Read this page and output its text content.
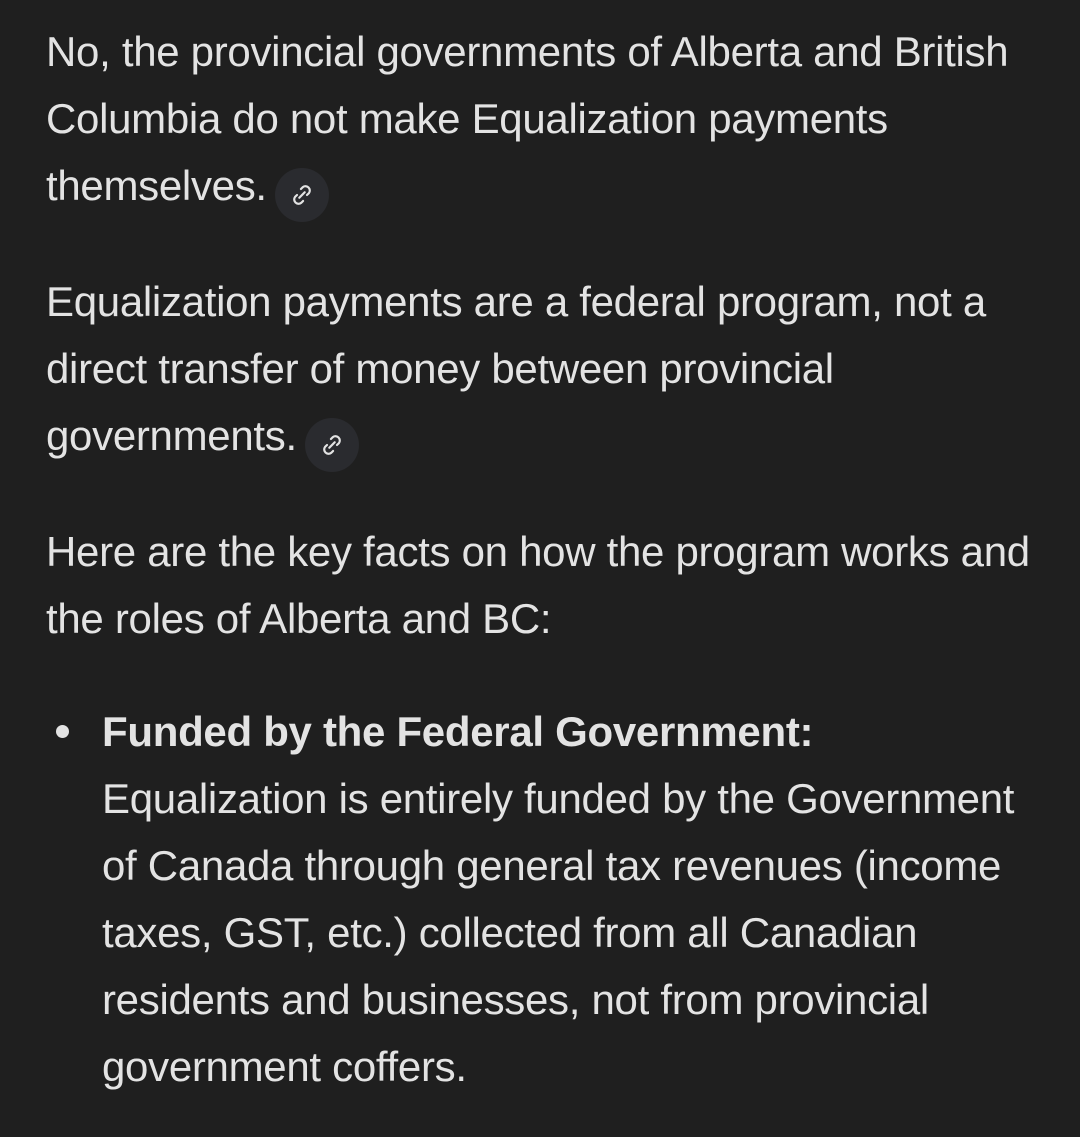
No, the provincial governments of Alberta and British Columbia do not make Equalization payments themselves.

Equalization payments are a federal program, not a direct transfer of money between provincial governments.

Here are the key facts on how the program works and the roles of Alberta and BC:

Funded by the Federal Government: Equalization is entirely funded by the Government of Canada through general tax revenues (income taxes, GST, etc.) collected from all Canadian residents and businesses, not from provincial government coffers.
